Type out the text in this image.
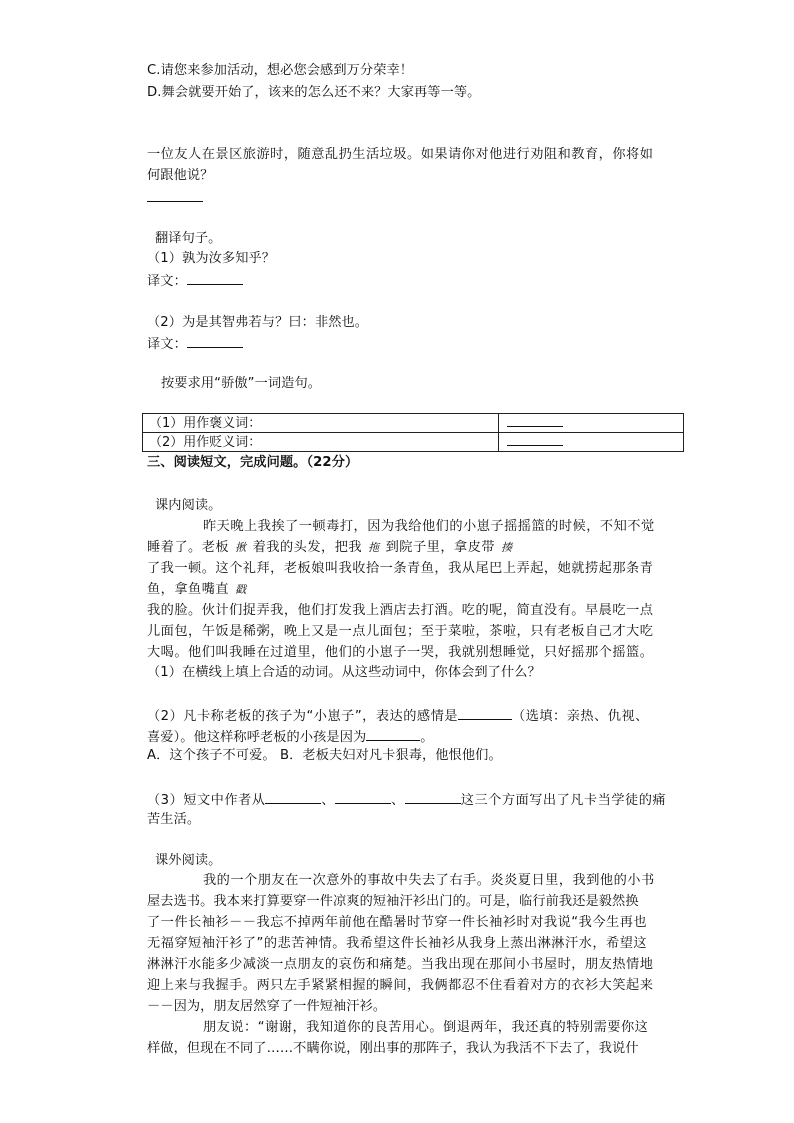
C.请您来参加活动，想必您会感到万分荣幸！
D.舞会就要开始了，该来的怎么还不来？大家再等一等。
一位友人在景区旅游时，随意乱扔生活垃圾。如果请你对他进行劝阻和教育，你将如
何跟他说？
翻译句子。
（1）孰为汝多知乎？
译文：
（2）为是其智弗若与？曰：非然也。
译文：
按要求用“骄傲”一词造句。
（1）用作褒义词：	
（2）用作贬义词：	
三、阅读短文，完成问题。（22分）
课内阅读。
昨天晚上我挨了一顿毒打，因为我给他们的小崽子摇摇篮的时候，不知不觉
睡着了。老板 揪 着我的头发，把我 拖 到院子里，拿皮带 揍
了我一顿。这个礼拜，老板娘叫我收拾一条青鱼，我从尾巴上弄起，她就捞起那条青
鱼，拿鱼嘴直 戳
我的脸。伙计们捉弄我，他们打发我上酒店去打酒。吃的呢，简直没有。早晨吃一点
儿面包，午饭是稀粥，晚上又是一点儿面包；至于菜啦，茶啦，只有老板自己才大吃
大喝。他们叫我睡在过道里，他们的小崽子一哭，我就别想睡觉，只好摇那个摇篮。
（1）在横线上填上合适的动词。从这些动词中，你体会到了什么？
（2）凡卡称老板的孩子为“小崽子”，表达的感情是	（选填：亲热、仇视、
喜爱）。他这样称呼老板的小孩是因为	。
A．这个孩子不可爱。 B．老板夫妇对凡卡狠毒，他恨他们。
（3）短文中作者从	、	、	这三个方面写出了凡卡当学徒的痛
苦生活。
课外阅读。
我的一个朋友在一次意外的事故中失去了右手。炎炎夏日里，我到他的小书
屋去选书。我本来打算要穿一件凉爽的短袖汗衫出门的。可是，临行前我还是毅然换
了一件长袖衫－－我忘不掉两年前他在酷暑时节穿一件长袖衫时对我说“我今生再也
无福穿短袖汗衫了”的悲苦神情。我希望这件长袖衫从我身上蒸出淋淋汗水，希望这
淋淋汗水能多少减淡一点朋友的哀伤和痛楚。当我出现在那间小书屋时，朋友热情地
迎上来与我握手。两只左手紧紧相握的瞬间，我俩都忍不住看着对方的衣衫大笑起来
－－因为，朋友居然穿了一件短袖汗衫。
朋友说：“谢谢，我知道你的良苦用心。倒退两年，我还真的特别需要你这
样做，但现在不同了……不瞒你说，刚出事的那阵子，我认为我活不下去了，我说什
